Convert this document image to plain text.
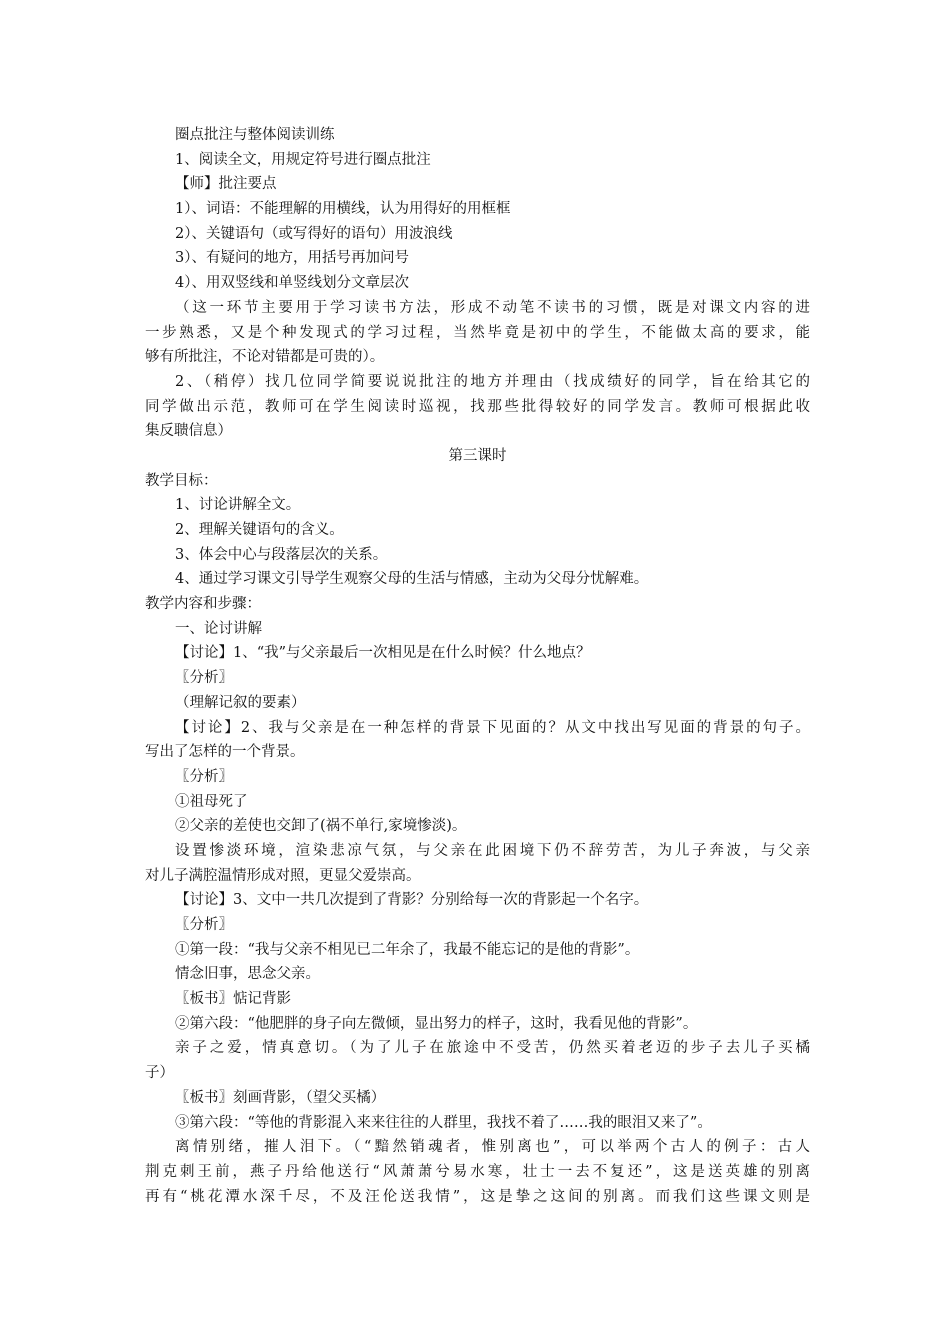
圈点批注与整体阅读训练
1、阅读全文，用规定符号进行圈点批注
【师】批注要点
1）、词语：不能理解的用横线，认为用得好的用框框
2）、关键语句（或写得好的语句）用波浪线
3）、有疑问的地方，用括号再加问号
4）、用双竖线和单竖线划分文章层次
（这一环节主要用于学习读书方法，形成不动笔不读书的习惯，既是对课文内容的进
一步熟悉，又是个种发现式的学习过程，当然毕竟是初中的学生，不能做太高的要求，能
够有所批注，不论对错都是可贵的）。
2、（稍停）找几位同学简要说说批注的地方并理由（找成绩好的同学，旨在给其它的
同学做出示范，教师可在学生阅读时巡视，找那些批得较好的同学发言。教师可根据此收
集反聩信息）
第三课时
教学目标：
1、讨论讲解全文。
2、理解关键语句的含义。
3、体会中心与段落层次的关系。
4、通过学习课文引导学生观察父母的生活与情感，主动为父母分忧解难。
教学内容和步骤：
一、论讨讲解
【讨论】1、“我”与父亲最后一次相见是在什么时候？什么地点？
〖分析〗
（理解记叙的要素）
【讨论】2、我与父亲是在一种怎样的背景下见面的？从文中找出写见面的背景的句子。
写出了怎样的一个背景。
〖分析〗
①祖母死了
②父亲的差使也交卸了(祸不单行,家境惨淡)。
设置惨淡环境，渲染悲凉气氛，与父亲在此困境下仍不辞劳苦，为儿子奔波，与父亲
对儿子满腔温情形成对照，更显父爱崇高。
【讨论】3、文中一共几次提到了背影？分别给每一次的背影起一个名字。
〖分析〗
①第一段：“我与父亲不相见已二年余了，我最不能忘记的是他的背影”。
情念旧事，思念父亲。
〖板书〗惦记背影
②第六段：“他肥胖的身子向左微倾，显出努力的样子，这时，我看见他的背影”。
亲子之爱，情真意切。（为了儿子在旅途中不受苦，仍然买着老迈的步子去儿子买橘
子）
〖板书〗刻画背影，（望父买橘）
③第六段：“等他的背影混入来来往往的人群里，我找不着了……我的眼泪又来了”。
离情别绪，摧人泪下。（“黯然销魂者，惟别离也”，可以举两个古人的例子：古人
荆克刺王前，燕子丹给他送行“风萧萧兮易水寒，壮士一去不复还”，这是送英雄的别离
再有“桃花潭水深千尽，不及汪伦送我情”，这是挚之这间的别离。而我们这些课文则是
